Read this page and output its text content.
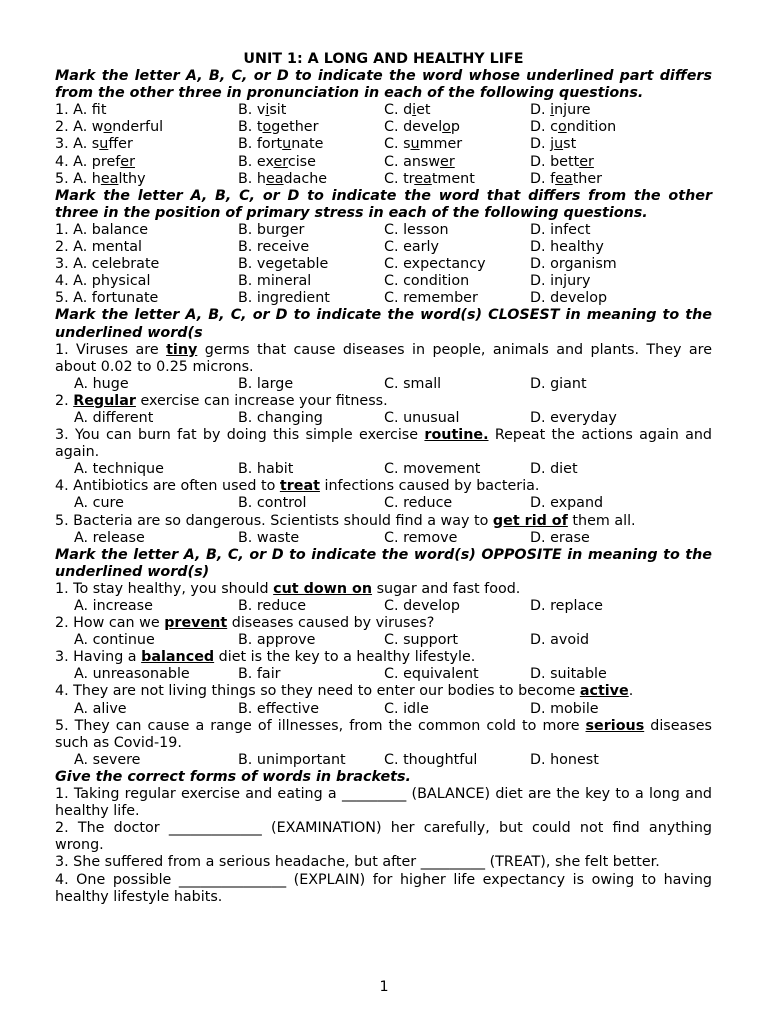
UNIT 1: A LONG AND HEALTHY LIFE
Mark the letter A, B, C, or D to indicate the word whose underlined part differs from the other three in pronunciation in each of the following questions.
1. A. ft	B. visit	C. diet	D. injure
2. A. wonderful	B. together	C. develop	D. condition
3. A. suffer	B. fortunate	C. summer	D. just
4. A. prefer	B. exercise	C. answer	D. better
5. A. healthy	B. headache	C. treatment	D. feather
Mark the letter A, B, C, or D to indicate the word that differs from the other three in the position of primary stress in each of the following questions.
1. A. balance	B. burger	C. lesson	D. infect
2. A. mental	B. receive	C. early	D. healthy
3. A. celebrate	B. vegetable	C. expectancy	D. organism
4. A. physical	B. mineral	C. condition	D. injury
5. A. fortunate	B. ingredient	C. remember	D. develop
Mark the letter A, B, C, or D to indicate the word(s) CLOSEST in meaning to the underlined word(s
1. Viruses are tiny germs that cause diseases in people, animals and plants. They are about 0.02 to 0.25 microns.
A. huge	B. large	C. small	D. giant
2. Regular exercise can increase your fitness.
A. different	B. changing	C. unusual	D. everyday
3. You can burn fat by doing this simple exercise routine. Repeat the actions again and again.
A. technique	B. habit	C. movement	D. diet
4. Antibiotics are often used to treat infections caused by bacteria.
A. cure	B. control	C. reduce	D. expand
5. Bacteria are so dangerous. Scientists should find a way to get rid of them all.
A. release	B. waste	C. remove	D. erase
Mark the letter A, B, C, or D to indicate the word(s) OPPOSITE in meaning to the underlined word(s)
1. To stay healthy, you should cut down on sugar and fast food.
A. increase	B. reduce	C. develop	D. replace
2. How can we prevent diseases caused by viruses?
A. continue	B. approve	C. support	D. avoid
3. Having a balanced diet is the key to a healthy lifestyle.
A. unreasonable	B. fair	C. equivalent	D. suitable
4. They are not living things so they need to enter our bodies to become active.
A. alive	B. effective	C. idle	D. mobile
5. They can cause a range of illnesses, from the common cold to more serious diseases such as Covid-19.
A. severe	B. unimportant	C. thoughtful	D. honest
Give the correct forms of words in brackets.
1. Taking regular exercise and eating a _________ (BALANCE) diet are the key to a long and healthy life.
2. The doctor _____________ (EXAMINATION) her carefully, but could not find anything wrong.
3. She suffered from a serious headache, but after _________ (TREAT), she felt better.
4. One possible _______________ (EXPLAIN) for higher life expectancy is owing to having healthy lifestyle habits.
1
